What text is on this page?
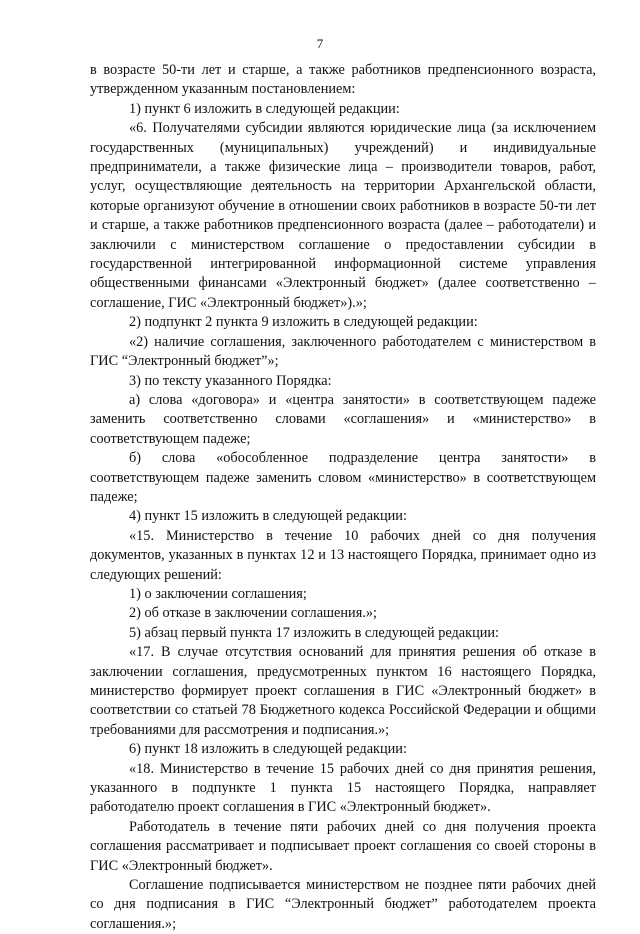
7

в возрасте 50-ти лет и старше, а также работников предпенсионного возраста, утвержденном указанным постановлением:

1) пункт 6 изложить в следующей редакции:

«6. Получателями субсидии являются юридические лица (за исключением государственных (муниципальных) учреждений) и индивидуальные предприниматели, а также физические лица – производители товаров, работ, услуг, осуществляющие деятельность на территории Архангельской области, которые организуют обучение в отношении своих работников в возрасте 50-ти лет и старше, а также работников предпенсионного возраста (далее – работодатели) и заключили с министерством соглашение о предоставлении субсидии в государственной интегрированной информационной системе управления общественными финансами «Электронный бюджет» (далее соответственно – соглашение, ГИС «Электронный бюджет»).»;

2) подпункт 2 пункта 9 изложить в следующей редакции:

«2) наличие соглашения, заключенного работодателем с министерством в ГИС “Электронный бюджет”»;

3) по тексту указанного Порядка:

а) слова «договора» и «центра занятости» в соответствующем падеже заменить соответственно словами «соглашения» и «министерство» в соответствующем падеже;

б) слова «обособленное подразделение центра занятости» в соответствующем падеже заменить словом «министерство» в соответствующем падеже;

4) пункт 15 изложить в следующей редакции:

«15. Министерство в течение 10 рабочих дней со дня получения документов, указанных в пунктах 12 и 13 настоящего Порядка, принимает одно из следующих решений:

1) о заключении соглашения;

2) об отказе в заключении соглашения.»;

5) абзац первый пункта 17 изложить в следующей редакции:

«17. В случае отсутствия оснований для принятия решения об отказе в заключении соглашения, предусмотренных пунктом 16 настоящего Порядка, министерство формирует проект соглашения в ГИС «Электронный бюджет» в соответствии со статьей 78 Бюджетного кодекса Российской Федерации и общими требованиями для рассмотрения и подписания.»;

6) пункт 18 изложить в следующей редакции:

«18. Министерство в течение 15 рабочих дней со дня принятия решения, указанного в подпункте 1 пункта 15 настоящего Порядка, направляет работодателю проект соглашения в ГИС «Электронный бюджет».

Работодатель в течение пяти рабочих дней со дня получения проекта соглашения рассматривает и подписывает проект соглашения со своей стороны в ГИС «Электронный бюджет».

Соглашение подписывается министерством не позднее пяти рабочих дней со дня подписания в ГИС “Электронный бюджет” работодателем проекта соглашения.»;
